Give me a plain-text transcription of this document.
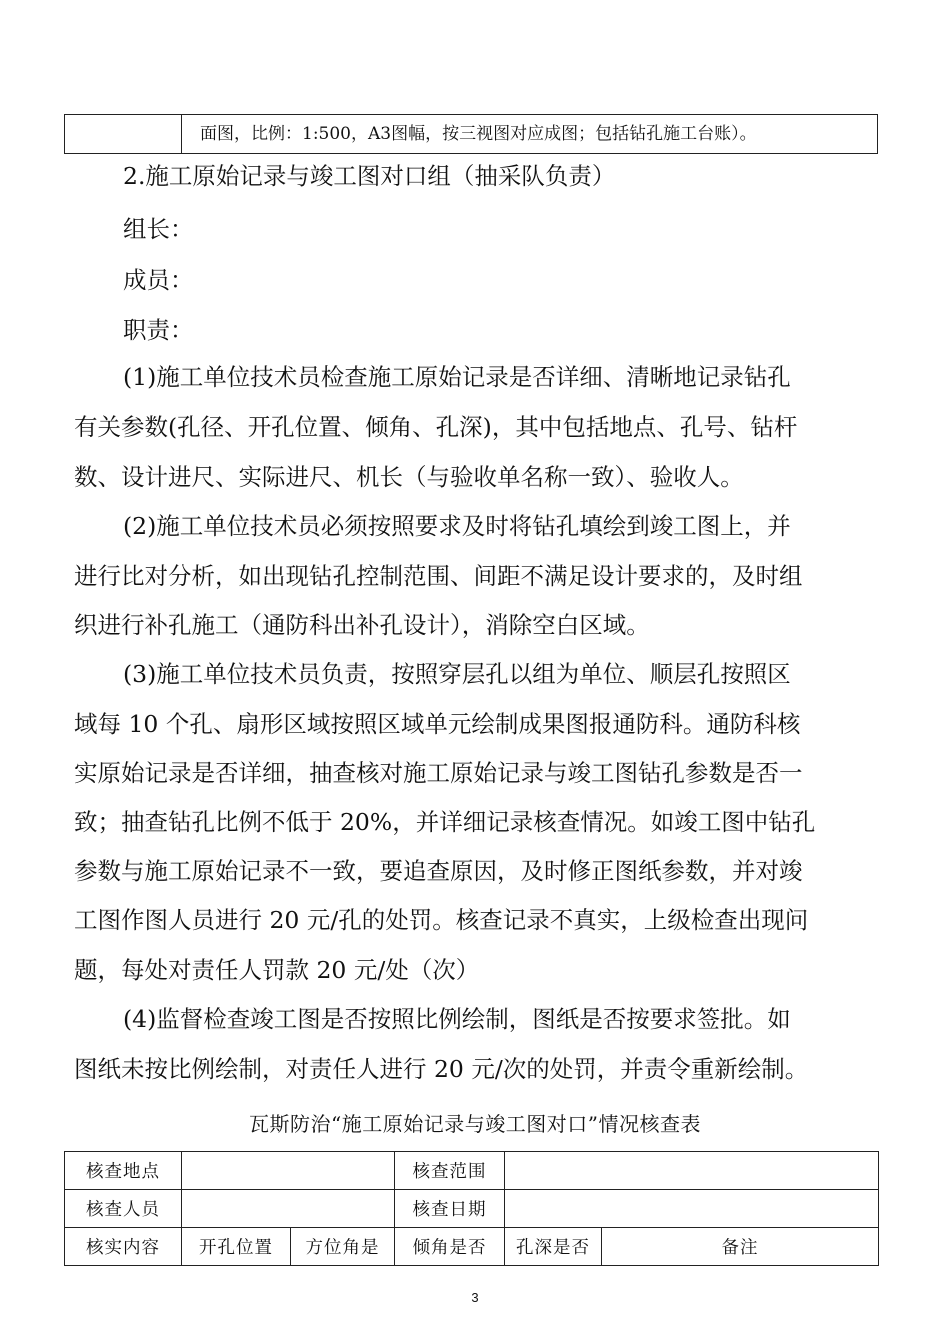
面图，比例：1:500，A3图幅，按三视图对应成图；包括钻孔施工台账）。
2.施工原始记录与竣工图对口组（抽采队负责）
组长：
成员：
职责：
(1)施工单位技术员检查施工原始记录是否详细、清晰地记录钻孔
有关参数(孔径、开孔位置、倾角、孔深)，其中包括地点、孔号、钻杆
数、设计进尺、实际进尺、机长（与验收单名称一致）、验收人。
(2)施工单位技术员必须按照要求及时将钻孔填绘到竣工图上，并
进行比对分析，如出现钻孔控制范围、间距不满足设计要求的，及时组
织进行补孔施工（通防科出补孔设计），消除空白区域。
(3)施工单位技术员负责，按照穿层孔以组为单位、顺层孔按照区
域每 10 个孔、扇形区域按照区域单元绘制成果图报通防科。通防科核
实原始记录是否详细，抽查核对施工原始记录与竣工图钻孔参数是否一
致；抽查钻孔比例不低于 20%，并详细记录核查情况。如竣工图中钻孔
参数与施工原始记录不一致，要追查原因，及时修正图纸参数，并对竣
工图作图人员进行 20 元/孔的处罚。核查记录不真实，上级检查出现问
题，每处对责任人罚款 20 元/处（次）
(4)监督检查竣工图是否按照比例绘制，图纸是否按要求签批。如
图纸未按比例绘制，对责任人进行 20 元/次的处罚，并责令重新绘制。
瓦斯防治“施工原始记录与竣工图对口”情况核查表
核查地点			核查范围		
核查人员			核查日期		
核实内容	开孔位置	方位角是	倾角是否	孔深是否	备注
3
